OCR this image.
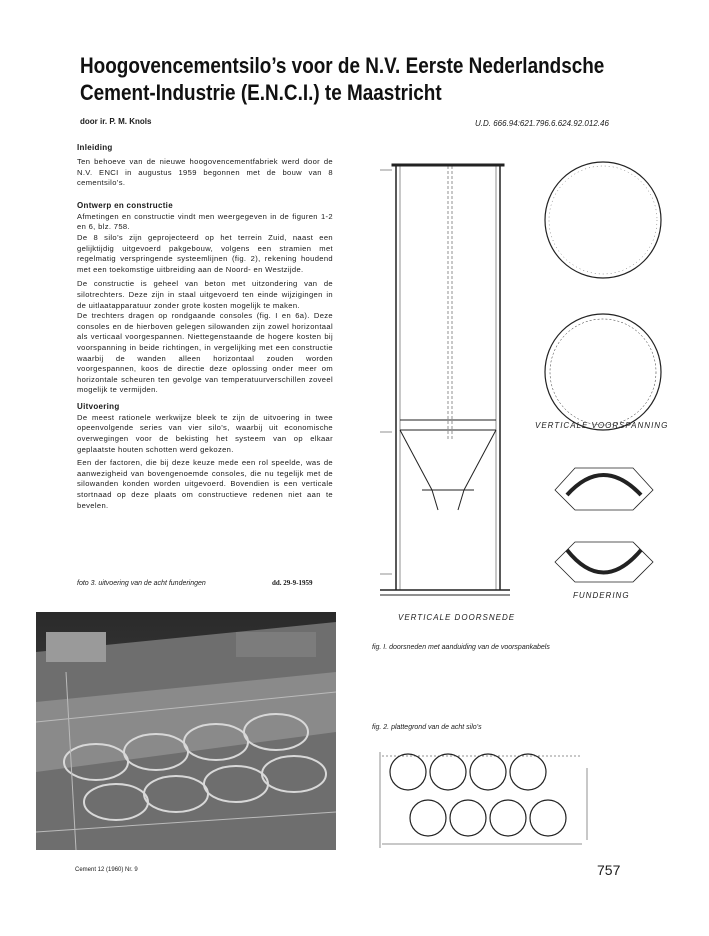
Hoogovencementsilo’s voor de N.V. Eerste Nederlandsche
Cement-Industrie (E.N.C.I.) te Maastricht
door ir. P. M. Knols	U.D. 666.94:621.796.6.624.92.012.46
Inleiding
Ten behoeve van de nieuwe hoogovencementfabriek werd door de N.V. ENCI in augustus 1959 begonnen met de bouw van 8 cementsilo’s.
Ontwerp en constructie
Afmetingen en constructie vindt men weergegeven in de figuren 1-2 en 6, blz. 758.
De 8 silo’s zijn geprojecteerd op het terrein Zuid, naast een gelijktijdig uitgevoerd pakgebouw, volgens een stramien met regelmatig verspringende systeemlijnen (fig. 2), rekening houdend met een toekomstige uitbreiding aan de Noord- en Westzijde.
De constructie is geheel van beton met uitzondering van de silotrechters. Deze zijn in staal uitgevoerd ten einde wijzigingen in de uitlaatapparatuur zonder grote kosten mogelijk te maken.
De trechters dragen op rondgaande consoles (fig. I en 6a). Deze consoles en de hierboven gelegen silowanden zijn zowel horizontaal als verticaal voorgespannen. Niettegenstaande de hogere kosten bij voorspanning in beide richtingen, in vergelijking met een constructie waarbij de wanden alleen horizontaal zouden worden voorgespannen, koos de directie deze oplossing onder meer om horizontale scheuren ten gevolge van temperatuurverschillen zoveel mogelijk te vermijden.
Uitvoering
De meest rationele werkwijze bleek te zijn de uitvoering in twee opeenvolgende series van vier silo’s, waarbij uit economische overwegingen voor de bekisting het systeem van op elkaar geplaatste houten schotten werd gekozen.
Een der factoren, die bij deze keuze mede een rol speelde, was de aanwezigheid van bovengenoemde consoles, die nu tegelijk met de silowanden konden worden uitgevoerd. Bovendien is een verticale stortnaad op deze plaats om constructieve redenen niet aan te bevelen.
foto 3. uitvoering van de acht funderingen	dd. 29-9-1959
VERTICALE DOORSNEDE
VERTICALE VOORSPANNING
FUNDERING
fig. I. doorsneden met aanduiding van de voorspankabels
fig. 2. plattegrond van de acht silo’s
Cement 12 (1960) Nr. 9	757
